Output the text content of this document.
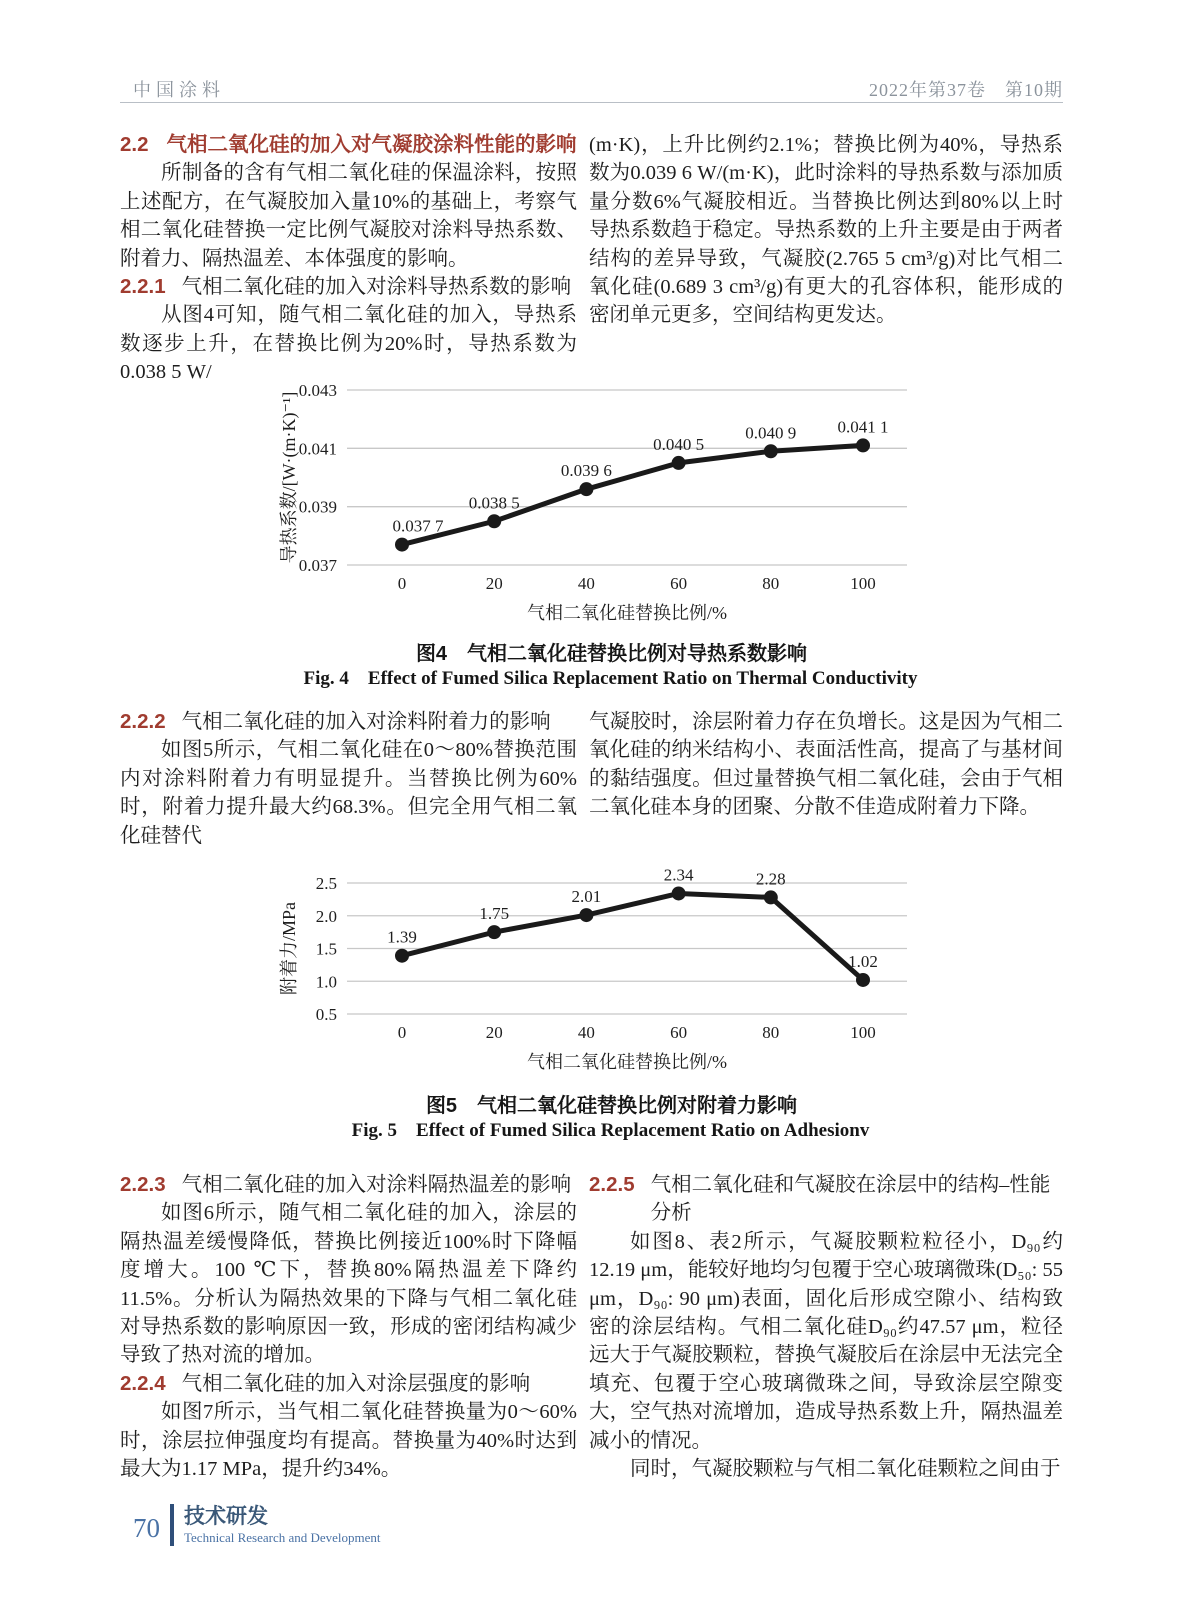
中国涂料	2022年第37卷　第10期
2.2 气相二氧化硅的加入对气凝胶涂料性能的影响

所制备的含有气相二氧化硅的保温涂料，按照上述配方，在气凝胶加入量10%的基础上，考察气相二氧化硅替换一定比例气凝胶对涂料导热系数、附着力、隔热温差、本体强度的影响。

2.2.1 气相二氧化硅的加入对涂料导热系数的影响

从图4可知，随气相二氧化硅的加入，导热系数逐步上升，在替换比例为20%时，导热系数为0.038 5 W/

(m·K)，上升比例约2.1%；替换比例为40%，导热系数为0.039 6 W/(m·K)，此时涂料的导热系数与添加质量分数6%气凝胶相近。当替换比例达到80%以上时导热系数趋于稳定。导热系数的上升主要是由于两者结构的差异导致，气凝胶(2.765 5 cm³/g)对比气相二氧化硅(0.689 3 cm³/g)有更大的孔容体积，能形成的密闭单元更多，空间结构更发达。

0.037
0.039
0.041
0.043
0	20	40	60	80	100
气相二氧化硅替换比例/%
导热系数/[W·(m·K)⁻¹]	0.037 7
0.038 5
0.039 6
0.040 5
0.040 9 0.041 1

图4　气相二氧化硅替换比例对导热系数影响

Fig. 4　Effect of Fumed Silica Replacement Ratio on Thermal Conductivity

2.2.2 气相二氧化硅的加入对涂料附着力的影响

如图5所示，气相二氧化硅在0～80%替换范围内对涂料附着力有明显提升。当替换比例为60%时，附着力提升最大约68.3%。但完全用气相二氧化硅替代

气凝胶时，涂层附着力存在负增长。这是因为气相二氧化硅的纳米结构小、表面活性高，提高了与基材间的黏结强度。但过量替换气相二氧化硅，会由于气相二氧化硅本身的团聚、分散不佳造成附着力下降。

0.5
1.0
1.5
2.0
2.5
0	20	40	60	80	100
气相二氧化硅替换比例/%
附着力/MPa	1.39
1.75
2.01
2.34	2.28
1.02

图5　气相二氧化硅替换比例对附着力影响

Fig. 5　Effect of Fumed Silica Replacement Ratio on Adhesionv

2.2.3 气相二氧化硅的加入对涂料隔热温差的影响

如图6所示，随气相二氧化硅的加入，涂层的隔热温差缓慢降低，替换比例接近100%时下降幅度增大。100 ℃下，替换80%隔热温差下降约11.5%。分析认为隔热效果的下降与气相二氧化硅对导热系数的影响原因一致，形成的密闭结构减少导致了热对流的增加。

2.2.4 气相二氧化硅的加入对涂层强度的影响

如图7所示，当气相二氧化硅替换量为0～60%时，涂层拉伸强度均有提高。替换量为40%时达到最大为1.17 MPa，提升约34%。

2.2.5 气相二氧化硅和气凝胶在涂层中的结构–性能分析

如图8、表2所示，气凝胶颗粒粒径小，D₉₀约12.19 μm，能较好地均匀包覆于空心玻璃微珠(D₅₀: 55 μm，D₉₀: 90 μm)表面，固化后形成空隙小、结构致密的涂层结构。气相二氧化硅D₉₀约47.57 μm，粒径远大于气凝胶颗粒，替换气凝胶后在涂层中无法完全填充、包覆于空心玻璃微珠之间，导致涂层空隙变大，空气热对流增加，造成导热系数上升，隔热温差减小的情况。

同时，气凝胶颗粒与气相二氧化硅颗粒之间由于

70 技术研发
Technical Research and Development
